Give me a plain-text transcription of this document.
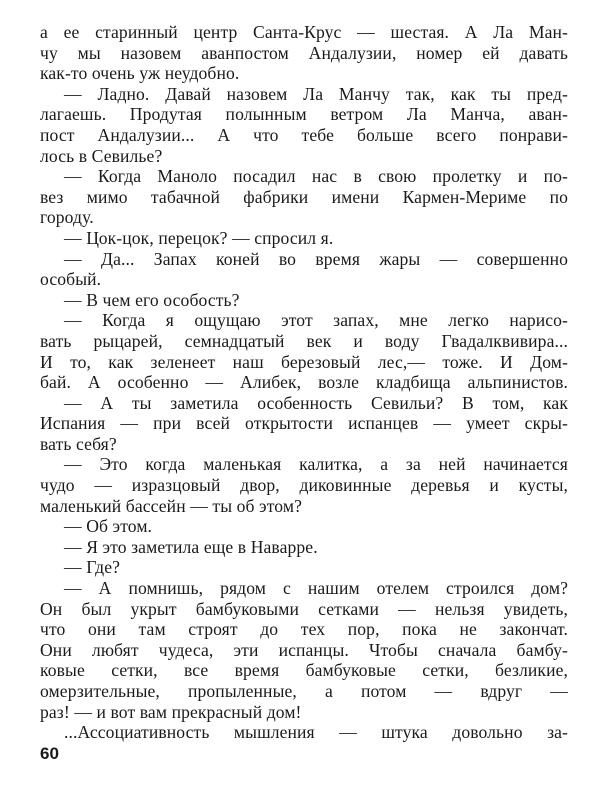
а ее старинный центр Санта-Крус — шестая. А Ла Ман-
чу мы назовем аванпостом Андалузии, номер ей давать
как-то очень уж неудобно.
— Ладно. Давай назовем Ла Манчу так, как ты пред-
лагаешь. Продутая полынным ветром Ла Манча, аван-
пост Андалузии... А что тебе больше всего понрави-
лось в Севилье?
— Когда Маноло посадил нас в свою пролетку и по-
вез мимо табачной фабрики имени Кармен-Мериме по
городу.
— Цок-цок, перецок? — спросил я.
— Да... Запах коней во время жары — совершенно
особый.
— В чем его особость?
— Когда я ощущаю этот запах, мне легко нарисо-
вать рыцарей, семнадцатый век и воду Гвадалквивира...
И то, как зеленеет наш березовый лес,— тоже. И Дом-
бай. А особенно — Алибек, возле кладбища альпинистов.
— А ты заметила особенность Севильи? В том, как
Испания — при всей открытости испанцев — умеет скры-
вать себя?
— Это когда маленькая калитка, а за ней начинается
чудо — изразцовый двор, диковинные деревья и кусты,
маленький бассейн — ты об этом?
— Об этом.
— Я это заметила еще в Наварре.
— Где?
— А помнишь, рядом с нашим отелем строился дом?
Он был укрыт бамбуковыми сетками — нельзя увидеть,
что они там строят до тех пор, пока не закончат.
Они любят чудеса, эти испанцы. Чтобы сначала бамбу-
ковые сетки, все время бамбуковые сетки, безликие,
омерзительные, пропыленные, а потом — вдруг —
раз! — и вот вам прекрасный дом!
...Ассоциативность мышления — штука довольно за-
60
